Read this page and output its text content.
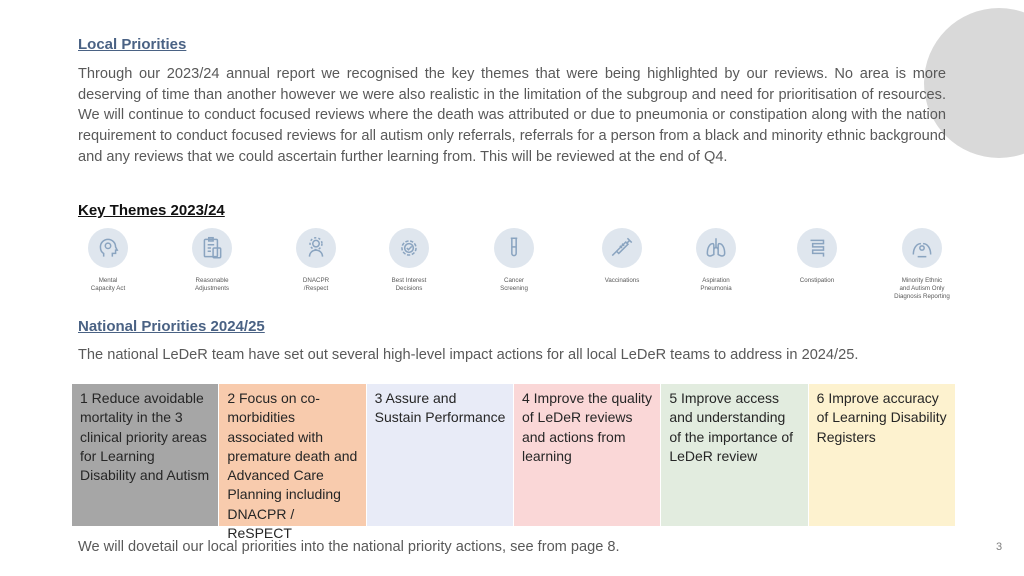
Local Priorities

Through our 2023/24 annual report we recognised the key themes that were being highlighted by our reviews. No area is more deserving of time than another however we were also realistic in the limitation of the subgroup and need for prioritisation of resources. We will continue to conduct focused reviews where the death was attributed or due to pneumonia or constipation along with the nation requirement to conduct focused reviews for all autism only referrals, referrals for a person from a black and minority ethnic background and any reviews that we could ascertain further learning from. This will be reviewed at the end of Q4.

Key Themes 2023/24
Mental
Capacity Act
Reasonable
Adjustments
DNACPR
/Respect
Best Interest
Decisions
Cancer
Screening
Vaccinations	Aspiration
Pneumonia
Constipation	Minority Ethnic
and Autism Only
Diagnosis Reporting
National Priorities 2024/25

The national LeDeR team have set out several high-level impact actions for all local LeDeR teams to address in 2024/25.

1 Reduce avoidable mortality in the 3 clinical priority areas for Learning Disability and Autism
2 Focus on co-morbidities associated with premature death and Advanced Care Planning including DNACPR / ReSPECT
3 Assure and Sustain Performance
4 Improve the quality of LeDeR reviews and actions from learning
5 Improve access and understanding of the importance of LeDeR review
6 Improve accuracy of Learning Disability Registers

We will dovetail our local priorities into the national priority actions, see from page 8.	3
